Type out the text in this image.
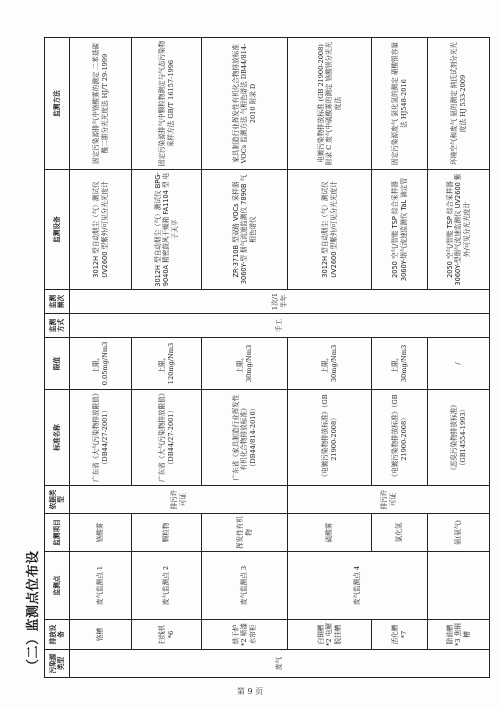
（二）监测点位布设 污染源类型	排放设备	监测点	监测项目	依据类型	标准名称	限值	监测方式	监测频次	监测设备	监测方法
废气	铬槽	废气监测点 1	铬酸雾	排污许可证	广东省《大气污染物排放限值》（DB44/27-2001）	上限，0.05mg/Nm3	手工	1次/1半年	3012H 型自动烟尘（气）测试仪 UV2600 型紫外/可见分光光度计	固定污染源排气中铬酸雾的测定 二苯基碳酰二肼分光光度法 HJ/T 29-1999
	扫线机*6	废气监测点 2	颗粒物		广东省《大气污染物排放限值》（DB44/27-2001）	上限，120mg/Nm3			3012H 型自动烟尘（气）测试仪 BPG-9040A 精密鼓风干燥箱 FA1104 型 电子天平	固定污染源排气中颗粒物测定与气态污染物采样方法 GB/T 16157-1996
	烘干炉*2 喷漆水帘柜	废气监测点 3	挥发性有机物		广东省《家具制造行业挥发性有机化合物排放标准》（DB44/814-2010）	上限，30mg/Nm3			ZR-3710B 型双路 VOCs 采样器 3060Y-型 烟气流速监测仪 7890B 气相色谱仪	家具制造行业挥发性有机化合物排放标准 VOCs 监测方法 气相色谱法 DB44/814-2010 附录 D
	白铜槽*2 电解脱挂槽	废气监测点 4	硫酸雾	排污许可证	《电镀污染物排放标准》（GB 21900-2008）	上限，30mg/Nm3			3012H 型自动烟尘（气）测试仪 UV2600 型紫外/可见分光光度计	电镀污染物排放标准 (GB 21900-2008) 附录 C 废气中硫酸雾的测定 铬酸钡分光光度法
	活化槽*7		氯化氢		《电镀污染物排放标准》（GB 21900-2008）	上限，30mg/Nm3			2050 空气/智能 TSP 综合采样器 3060Y-烟气流速监测仪 TaL 滴定管	固定污染源废气 氯化氢的测定 硝酸银容量法 HJ548-2016
	除油槽*3 焦铜槽		氨(氨气)		《恶臭污染物排放标准》（GB14554-1993）	/			2050 空气/智能 TSP 综合采样器 3060Y-型烟气流速监测仪 UV2600 紫外/可见分光光度计	环境空气和废气 氨的测定 纳氏试剂分光光度法 HJ 533-2009
第 9 页
